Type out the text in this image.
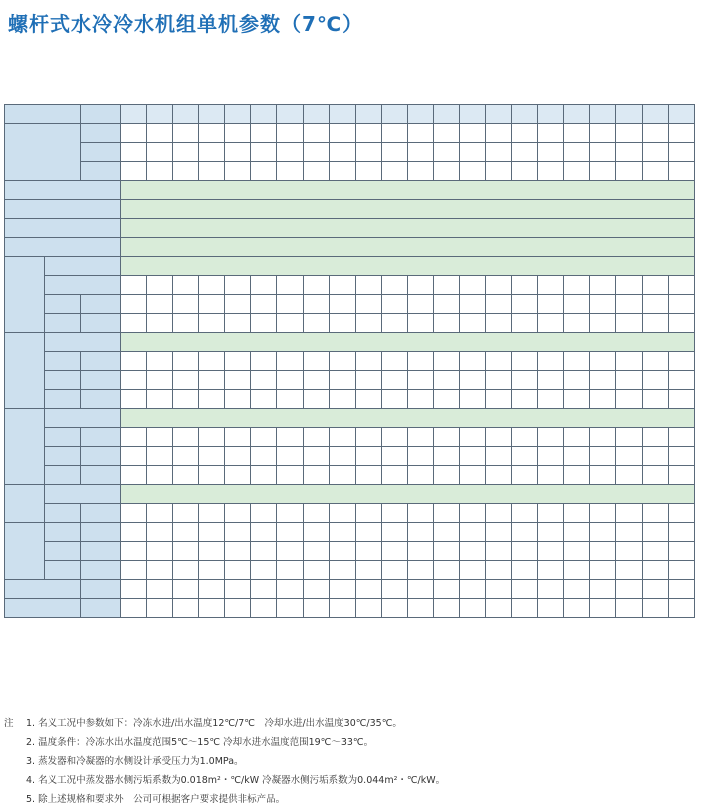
螺杆式水冷冷水机组单机参数（7℃）

注	1. 名义工况中参数如下：冷冻水进/出水温度12℃/7℃　冷却水进/出水温度30℃/35℃。
2. 温度条件：冷冻水出水温度范围5℃～15℃ 冷却水进水温度范围19℃～33℃。
3. 蒸发器和冷凝器的水侧设计承受压力为1.0MPa。
4. 名义工况中蒸发器水侧污垢系数为0.018m²・℃/kW 冷凝器水侧污垢系数为0.044m²・℃/kW。
5. 除上述规格和要求外　公司可根据客户要求提供非标产品。
